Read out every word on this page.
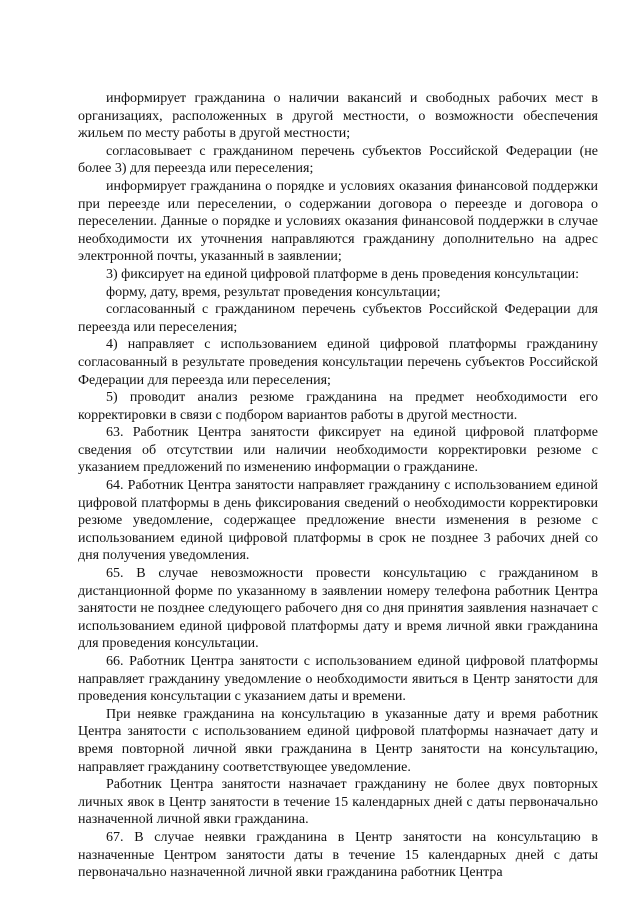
информирует гражданина о наличии вакансий и свободных рабочих мест в организациях, расположенных в другой местности, о возможности обеспечения жильем по месту работы в другой местности;

согласовывает с гражданином перечень субъектов Российской Федерации (не более 3) для переезда или переселения;

информирует гражданина о порядке и условиях оказания финансовой поддержки при переезде или переселении, о содержании договора о переезде и договора о переселении. Данные о порядке и условиях оказания финансовой поддержки в случае необходимости их уточнения направляются гражданину дополнительно на адрес электронной почты, указанный в заявлении;

3) фиксирует на единой цифровой платформе в день проведения консультации:

форму, дату, время, результат проведения консультации;

согласованный с гражданином перечень субъектов Российской Федерации для переезда или переселения;

4) направляет с использованием единой цифровой платформы гражданину согласованный в результате проведения консультации перечень субъектов Российской Федерации для переезда или переселения;

5) проводит анализ резюме гражданина на предмет необходимости его корректировки в связи с подбором вариантов работы в другой местности.

63. Работник Центра занятости фиксирует на единой цифровой платформе сведения об отсутствии или наличии необходимости корректировки резюме с указанием предложений по изменению информации о гражданине.

64. Работник Центра занятости направляет гражданину с использованием единой цифровой платформы в день фиксирования сведений о необходимости корректировки резюме уведомление, содержащее предложение внести изменения в резюме с использованием единой цифровой платформы в срок не позднее 3 рабочих дней со дня получения уведомления.

65. В случае невозможности провести консультацию с гражданином в дистанционной форме по указанному в заявлении номеру телефона работник Центра занятости не позднее следующего рабочего дня со дня принятия заявления назначает с использованием единой цифровой платформы дату и время личной явки гражданина для проведения консультации.

66. Работник Центра занятости с использованием единой цифровой платформы направляет гражданину уведомление о необходимости явиться в Центр занятости для проведения консультации с указанием даты и времени.

При неявке гражданина на консультацию в указанные дату и время работник Центра занятости с использованием единой цифровой платформы назначает дату и время повторной личной явки гражданина в Центр занятости на консультацию, направляет гражданину соответствующее уведомление.

Работник Центра занятости назначает гражданину не более двух повторных личных явок в Центр занятости в течение 15 календарных дней с даты первоначально назначенной личной явки гражданина.

67. В случае неявки гражданина в Центр занятости на консультацию в назначенные Центром занятости даты в течение 15 календарных дней с даты первоначально назначенной личной явки гражданина работник Центра
